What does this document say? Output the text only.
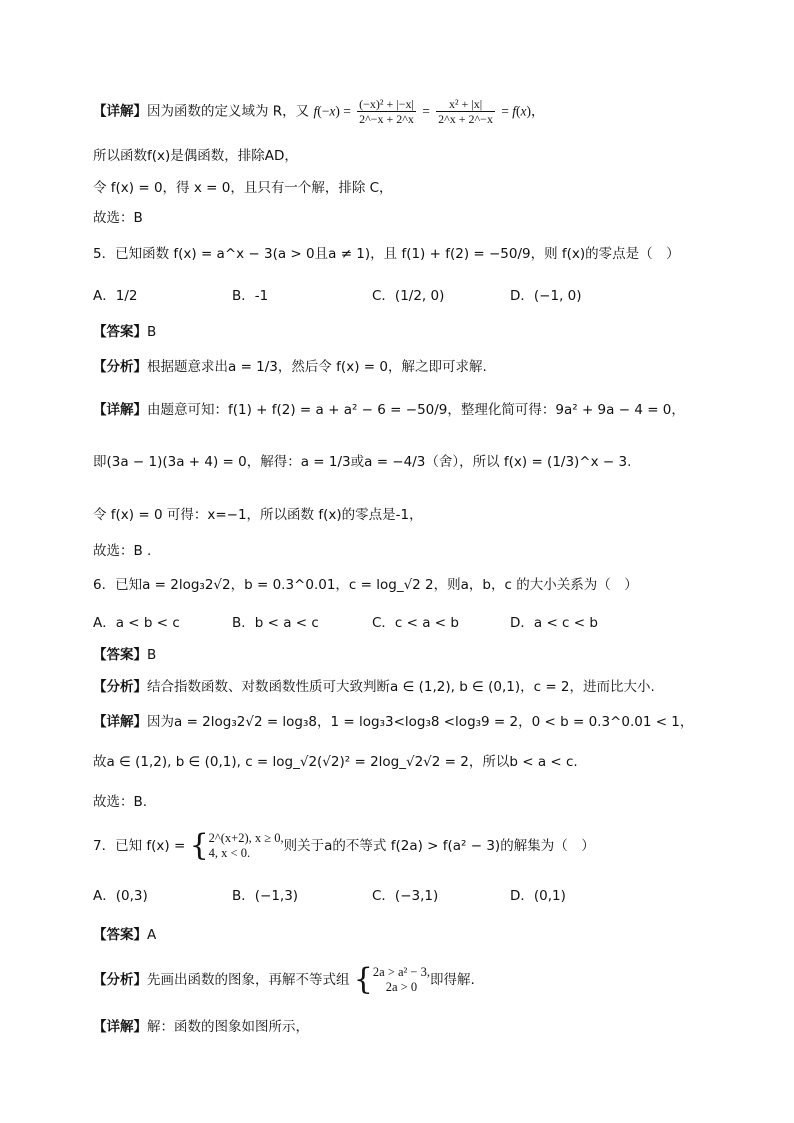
【详解】因为函数的定义域为 R，又 $f(-x) = \frac{\text{(−x)² + |−x|}}{2\^{}-x + 2\^{}x} = \frac{\text{x² + |x|}}{2\^{}x + 2\^{}-x} = f(x)$，
所以函数f(x)是偶函数，排除AD，
令 f(x) = 0，得 x = 0，且只有一个解，排除 C，
故选：B
5．已知函数 f(x) = a^x − 3(a > 0且a ≠ 1)，且 f(1) + f(2) = −50/9，则 f(x)的零点是（　）
A．1/2	B．-1	C．(1/2, 0)	D．(−1, 0)
【答案】B
【分析】根据题意求出a = 1/3，然后令 f(x) = 0，解之即可求解.
【详解】由题意可知：f(1) + f(2) = a + a² − 6 = −50/9，整理化简可得：9a² + 9a − 4 = 0，
即(3a − 1)(3a + 4) = 0，解得：a = 1/3或a = −4/3（舍），所以 f(x) = (1/3)^x − 3.
令 f(x) = 0 可得：x=−1，所以函数 f(x)的零点是-1，
故选：B .
6．已知a = 2log₃2√2，b = 0.3^0.01，c = log_√2 2，则a，b，c 的大小关系为（　）
A．a < b < c	B．b < a < c	C．c < a < b	D．a < c < b
【答案】B
【分析】结合指数函数、对数函数性质可大致判断a ∈ (1,2), b ∈ (0,1)，c = 2，进而比大小.
【详解】因为a = 2log₃2√2 = log₃8，1 = log₃3<log₃8 <log₃9 = 2，0 < b = 0.3^0.01 < 1，
故a ∈ (1,2), b ∈ (0,1), c = log_√2(√2)² = 2log_√2√2 = 2，所以b < a < c.
故选：B.
7．已知 f(x) = { 2^(x+2), x ≥ 0,
4, x < 0.	则关于a的不等式 f(2a) > f(a² − 3)的解集为（　）
A．(0,3)	B．(−1,3)	C．(−3,1)	D．(0,1)
【答案】A
【分析】先画出函数的图象，再解不等式组 { 2a > a² − 3,
2a > 0 即得解.
【详解】解：函数的图象如图所示，
